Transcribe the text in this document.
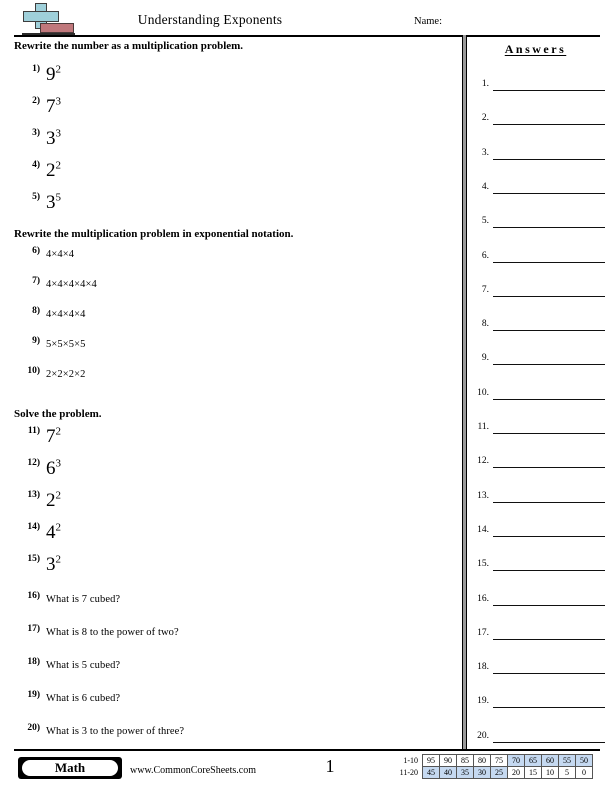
Understanding Exponents	Name:
Rewrite the number as a multiplication problem.
1) $9^2$
2) $7^3$
3) $3^3$
4) $2^2$
5) $3^5$
Rewrite the multiplication problem in exponential notation.
6) 4×4×4
7) 4×4×4×4×4
8) 4×4×4×4
9) 5×5×5×5
10) 2×2×2×2
Solve the problem.
11) $7^2$
12) $6^3$
13) $2^2$
14) $4^2$
15) $3^2$
16) What is 7 cubed?
17) What is 8 to the power of two?
18) What is 5 cubed?
19) What is 6 cubed?
20) What is 3 to the power of three?
Answers
1.
2.
3.
4.
5.
6.
7.
8.
9.
10.
11.
12.
13.
14.
15.
16.
17.
18.
19.
20.
Math	www.CommonCoreSheets.com	1	1-10	95	90	85	80	75	70	65	60	55	50
11-20	45	40	35	30	25	20	15	10	5	0
